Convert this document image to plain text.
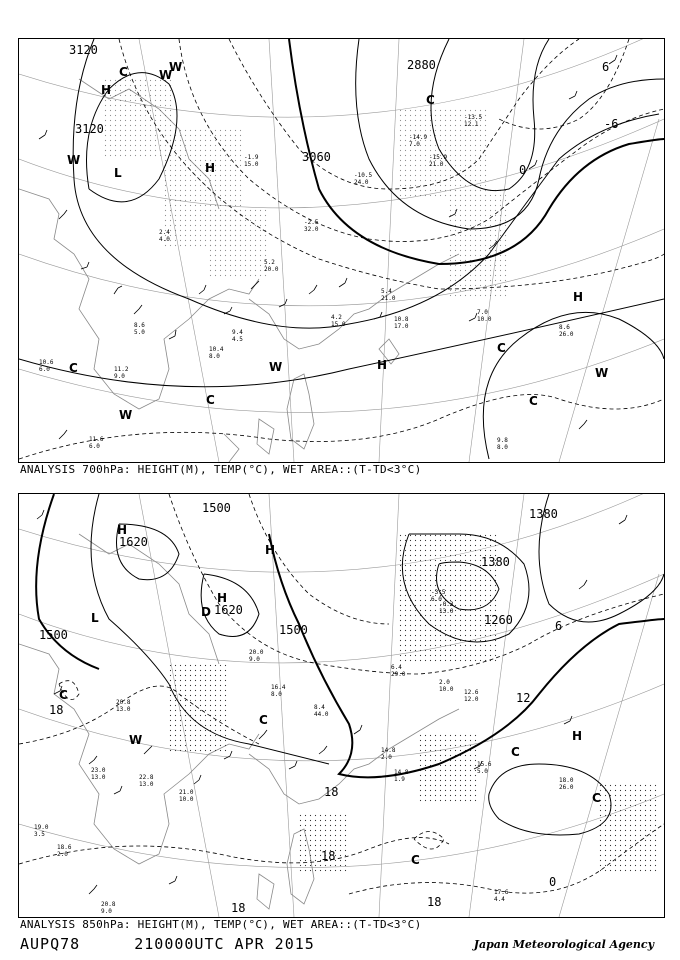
3120
3120
3060
2880
-6
0
6
H
H
L
C	W
W
C
W
C
H
W
C
C
H
W
C
W
9.8
8.0
8.6
26.0
7.0
10.0
10.8
17.0
9.4
4.5
11.6
6.0
10.4
8.0
5.4
21.0
4.2
15.0
11.2
9.0
10.6
6.0
8.6
5.0
-2.5
32.0
-10.5
24.0
-14.9
7.0
-15.9
21.0
-13.5
12.1
-1.9
15.0
2.4
4.0
5.2
20.0
ANALYSIS 700hPa: HEIGHT(M), TEMP(°C), WET AREA::(T-TD<3°C)
1500
1500
1620
1620
1500
1380
1380
1260
18
18
18
18	18
12
6
0
H
H
H
D
L
C
W
C
C
H
C
C
17.6
4.4
18.0
26.0
15.6
5.0
14.8
2.0
14.8
1.9
20.8
13.0
21.0
10.0
23.0
13.0	22.8
13.0
19.0
3.5
18.6
2.0
20.8
9.0
8.4
44.0
-0.3
13.0
-3.5
6.0
2.0
10.0
6.4
29.0
12.6
12.0
20.0
9.0
16.4
8.0
ANALYSIS 850hPa: HEIGHT(M), TEMP(°C), WET AREA::(T-TD<3°C)
AUPQ78	210000UTC APR 2015	Japan Meteorological Agency
